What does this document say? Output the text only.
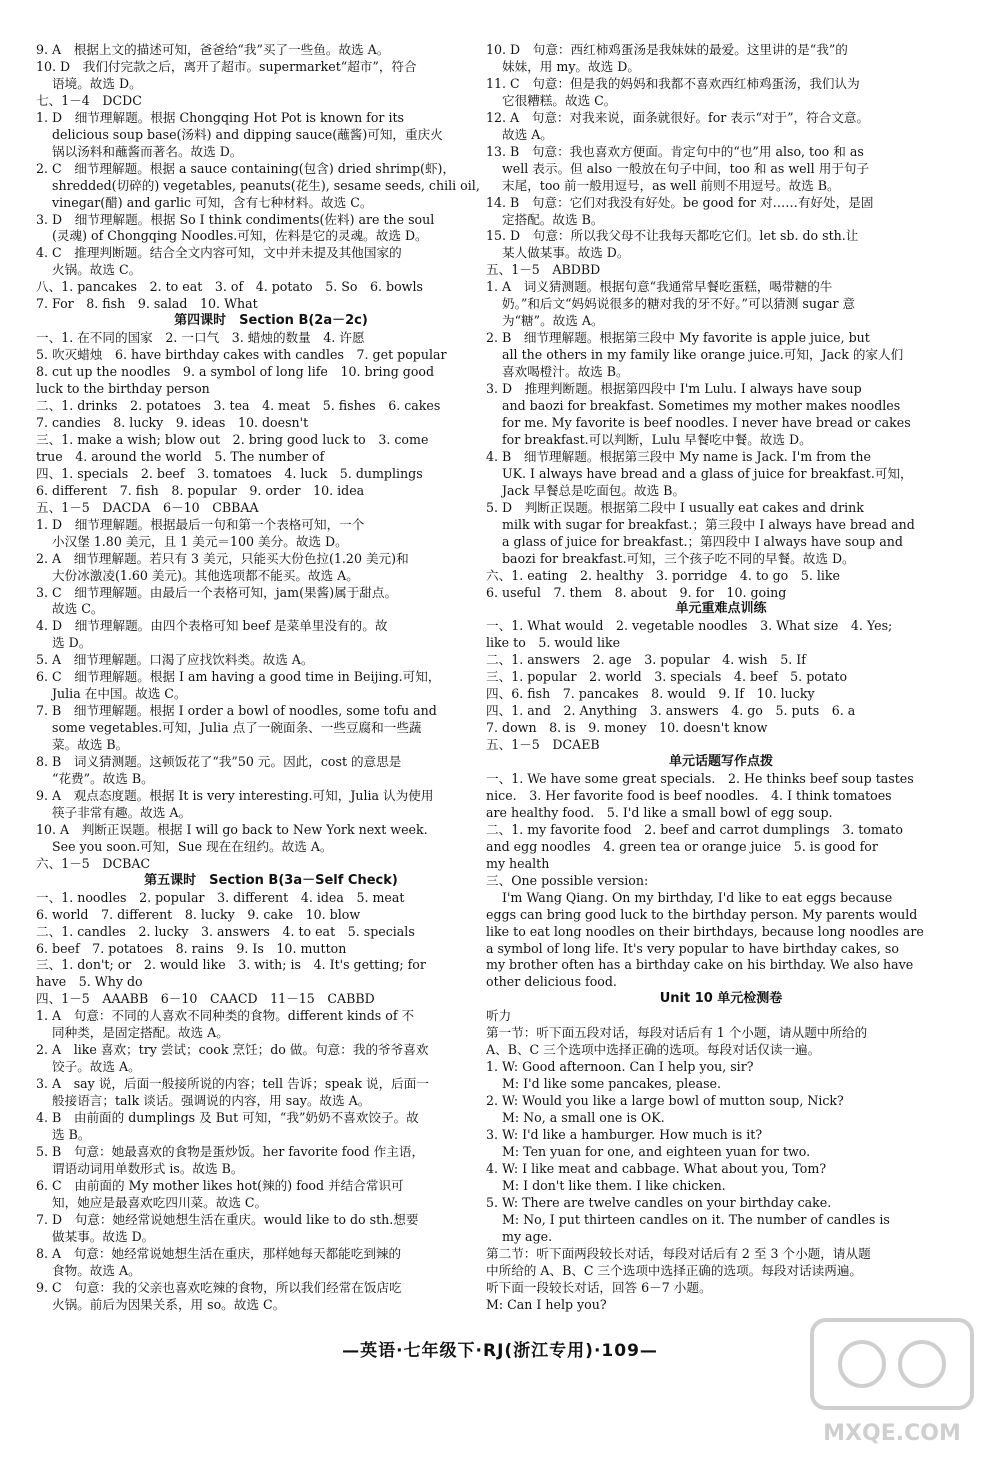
9. A　根据上文的描述可知，爸爸给“我”买了一些鱼。故选 A。
10. D　我们付完款之后，离开了超市。supermarket“超市”，符合
语境。故选 D。
七、1－4　DCDC
1. D　细节理解题。根据 Chongqing Hot Pot is known for its
delicious soup base(汤料) and dipping sauce(蘸酱)可知，重庆火
锅以汤料和蘸酱而著名。故选 D。
2. C　细节理解题。根据 a sauce containing(包含) dried shrimp(虾)，
shredded(切碎的) vegetables, peanuts(花生), sesame seeds, chili oil,
vinegar(醋) and garlic 可知，含有七种材料。故选 C。
3. D　细节理解题。根据 So I think condiments(佐料) are the soul
(灵魂) of Chongqing Noodles.可知，佐料是它的灵魂。故选 D。
4. C　推理判断题。结合全文内容可知，文中并未提及其他国家的
火锅。故选 C。
八、1. pancakes　2. to eat　3. of　4. potato　5. So　6. bowls
7. For　8. fish　9. salad　10. What
第四课时　Section B(2a－2c)
一、1. 在不同的国家　2. 一口气　3. 蜡烛的数量　4. 许愿
5. 吹灭蜡烛　6. have birthday cakes with candles　7. get popular
8. cut up the noodles　9. a symbol of long life　10. bring good
luck to the birthday person
二、1. drinks　2. potatoes　3. tea　4. meat　5. fishes　6. cakes
7. candies　8. lucky　9. ideas　10. doesn't
三、1. make a wish; blow out　2. bring good luck to　3. come
true　4. around the world　5. The number of
四、1. specials　2. beef　3. tomatoes　4. luck　5. dumplings
6. different　7. fish　8. popular　9. order　10. idea
五、1－5　DACDA　6－10　CBBAA
1. D　细节理解题。根据最后一句和第一个表格可知，一个
小汉堡 1.80 美元，且 1 美元＝100 美分。故选 D。
2. A　细节理解题。若只有 3 美元，只能买大份色拉(1.20 美元)和
大份冰激凌(1.60 美元)。其他选项都不能买。故选 A。
3. C　细节理解题。由最后一个表格可知，jam(果酱)属于甜点。
故选 C。
4. D　细节理解题。由四个表格可知 beef 是菜单里没有的。故
选 D。
5. A　细节理解题。口渴了应找饮料类。故选 A。
6. C　细节理解题。根据 I am having a good time in Beijing.可知，
Julia 在中国。故选 C。
7. B　细节理解题。根据 I order a bowl of noodles, some tofu and
some vegetables.可知，Julia 点了一碗面条、一些豆腐和一些蔬
菜。故选 B。
8. B　词义猜测题。这顿饭花了“我”50 元。因此，cost 的意思是
“花费”。故选 B。
9. A　观点态度题。根据 It is very interesting.可知，Julia 认为使用
筷子非常有趣。故选 A。
10. A　判断正误题。根据 I will go back to New York next week.
See you soon.可知，Sue 现在在纽约。故选 A。
六、1－5　DCBAC
第五课时　Section B(3a－Self Check)
一、1. noodles　2. popular　3. different　4. idea　5. meat
6. world　7. different　8. lucky　9. cake　10. blow
二、1. candles　2. lucky　3. answers　4. to eat　5. specials
6. beef　7. potatoes　8. rains　9. Is　10. mutton
三、1. don't; or　2. would like　3. with; is　4. It's getting; for
have　5. Why do
四、1－5　AAABB　6－10　CAACD　11－15　CABBD
1. A　句意：不同的人喜欢不同种类的食物。different kinds of 不
同种类，是固定搭配。故选 A。
2. A　like 喜欢；try 尝试；cook 烹饪；do 做。句意：我的爷爷喜欢
饺子。故选 A。
3. A　say 说，后面一般接所说的内容；tell 告诉；speak 说，后面一
般接语言；talk 谈话。强调说的内容，用 say。故选 A。
4. B　由前面的 dumplings 及 But 可知，“我”奶奶不喜欢饺子。故
选 B。
5. B　句意：她最喜欢的食物是蛋炒饭。her favorite food 作主语，
谓语动词用单数形式 is。故选 B。
6. C　由前面的 My mother likes hot(辣的) food 并结合常识可
知，她应是最喜欢吃四川菜。故选 C。
7. D　句意：她经常说她想生活在重庆。would like to do sth.想要
做某事。故选 D。
8. A　句意：她经常说她想生活在重庆，那样她每天都能吃到辣的
食物。故选 A。
9. C　句意：我的父亲也喜欢吃辣的食物，所以我们经常在饭店吃
火锅。前后为因果关系，用 so。故选 C。
10. D　句意：西红柿鸡蛋汤是我妹妹的最爱。这里讲的是“我”的
妹妹，用 my。故选 D。
11. C　句意：但是我的妈妈和我都不喜欢西红柿鸡蛋汤，我们认为
它很糟糕。故选 C。
12. A　句意：对我来说，面条就很好。for 表示“对于”，符合文意。
故选 A。
13. B　句意：我也喜欢方便面。肯定句中的“也”用 also, too 和 as
well 表示。但 also 一般放在句子中间，too 和 as well 用于句子
末尾，too 前一般用逗号，as well 前则不用逗号。故选 B。
14. B　句意：它们对我没有好处。be good for 对……有好处，是固
定搭配。故选 B。
15. D　句意：所以我父母不让我每天都吃它们。let sb. do sth.让
某人做某事。故选 D。
五、1－5　ABDBD
1. A　词义猜测题。根据句意“我通常早餐吃蛋糕，喝带糖的牛
奶。”和后文“妈妈说很多的糖对我的牙不好。”可以猜测 sugar 意
为“糖”。故选 A。
2. B　细节理解题。根据第三段中 My favorite is apple juice, but
all the others in my family like orange juice.可知，Jack 的家人们
喜欢喝橙汁。故选 B。
3. D　推理判断题。根据第四段中 I'm Lulu. I always have soup
and baozi for breakfast. Sometimes my mother makes noodles
for me. My favorite is beef noodles. I never have bread or cakes
for breakfast.可以判断，Lulu 早餐吃中餐。故选 D。
4. B　细节理解题。根据第三段中 My name is Jack. I'm from the
UK. I always have bread and a glass of juice for breakfast.可知，
Jack 早餐总是吃面包。故选 B。
5. D　判断正误题。根据第二段中 I usually eat cakes and drink
milk with sugar for breakfast.；第三段中 I always have bread and
a glass of juice for breakfast.；第四段中 I always have soup and
baozi for breakfast.可知，三个孩子吃不同的早餐。故选 D。
六、1. eating　2. healthy　3. porridge　4. to go　5. like
6. useful　7. them　8. about　9. for　10. going
单元重难点训练
一、1. What would　2. vegetable noodles　3. What size　4. Yes;
like to　5. would like
二、1. answers　2. age　3. popular　4. wish　5. If
三、1. popular　2. world　3. specials　4. beef　5. potato
四、6. fish　7. pancakes　8. would　9. If　10. lucky
四、1. and　2. Anything　3. answers　4. go　5. puts　6. a
7. down　8. is　9. money　10. doesn't know
五、1－5　DCAEB
单元话题写作点拨
一、1. We have some great specials.　2. He thinks beef soup tastes
nice.　3. Her favorite food is beef noodles.　4. I think tomatoes
are healthy food.　5. I'd like a small bowl of egg soup.
二、1. my favorite food　2. beef and carrot dumplings　3. tomato
and egg noodles　4. green tea or orange juice　5. is good for
my health
三、One possible version:
I'm Wang Qiang. On my birthday, I'd like to eat eggs because
eggs can bring good luck to the birthday person. My parents would
like to eat long noodles on their birthdays, because long noodles are
a symbol of long life. It's very popular to have birthday cakes, so
my brother often has a birthday cake on his birthday. We also have
other delicious food.
Unit 10 单元检测卷
听力
第一节：听下面五段对话，每段对话后有 1 个小题，请从题中所给的
A、B、C 三个选项中选择正确的选项。每段对话仅读一遍。
1. W: Good afternoon. Can I help you, sir?
M: I'd like some pancakes, please.
2. W: Would you like a large bowl of mutton soup, Nick?
M: No, a small one is OK.
3. W: I'd like a hamburger. How much is it?
M: Ten yuan for one, and eighteen yuan for two.
4. W: I like meat and cabbage. What about you, Tom?
M: I don't like them. I like chicken.
5. W: There are twelve candles on your birthday cake.
M: No, I put thirteen candles on it. The number of candles is
my age.
第二节：听下面两段较长对话，每段对话后有 2 至 3 个小题，请从题
中所给的 A、B、C 三个选项中选择正确的选项。每段对话读两遍。
听下面一段较长对话，回答 6－7 小题。
M: Can I help you?
—英语·七年级下·RJ(浙江专用)·109—
MXQE.COM
